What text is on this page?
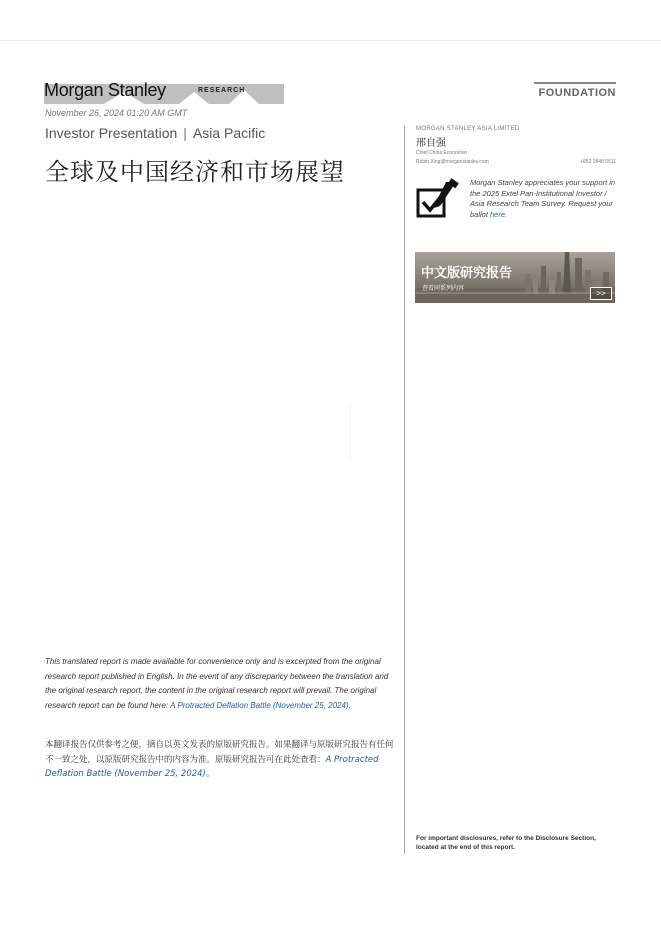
Morgan Stanley	RESEARCH
November 26, 2024 01:20 AM GMT
Investor Presentation | Asia Pacific
全球及中国经济和市场展望
FOUNDATION
MORGAN STANLEY ASIA LIMITED
邢自强
Chief China Economist
Robin.Xing@morganstanley.com	+852 2848 6511
Morgan Stanley appreciates your support in the 2025 Extel Pan-Institutional Investor / Asia Research Team Survey. Request your ballot here.
中文版研究报告
查看同系列内容	>>
This translated report is made available for convenience only and is excerpted from the original research report published in English. In the event of any discrepancy between the translation and the original research report, the content in the original research report will prevail. The original research report can be found here: A Protracted Deflation Battle (November 25, 2024).
本翻译报告仅供参考之便，摘自以英文发表的原版研究报告。如果翻译与原版研究报告有任何不一致之处，以原版研究报告中的内容为准。原版研究报告可在此处查看：A Protracted Deflation Battle (November 25, 2024)。
For important disclosures, refer to the Disclosure Section, located at the end of this report.
